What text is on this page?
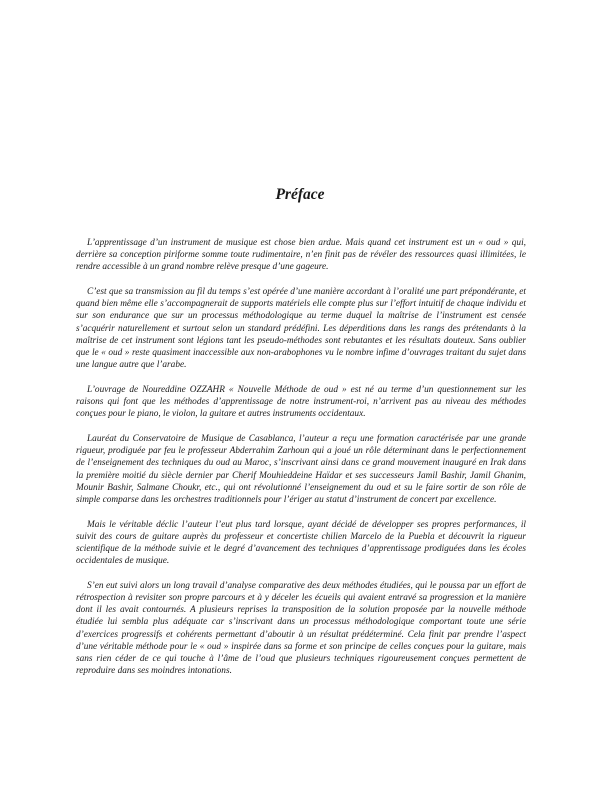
Préface

L’apprentissage d’un instrument de musique est chose bien ardue. Mais quand cet instrument est un « oud » qui, derrière sa conception piriforme somme toute rudimentaire, n’en finit pas de révéler des ressources quasi illimitées, le rendre accessible à un grand nombre relève presque d’une gageure.

C’est que sa transmission au fil du temps s’est opérée d’une manière accordant à l’oralité une part prépondérante, et quand bien même elle s’accompagnerait de supports matériels elle compte plus sur l’effort intuitif de chaque individu et sur son endurance que sur un processus méthodologique au terme duquel la maîtrise de l’instrument est censée s’acquérir naturellement et surtout selon un standard prédéfini. Les déperditions dans les rangs des prétendants à la maîtrise de cet instrument sont légions tant les pseudo-méthodes sont rebutantes et les résultats douteux. Sans oublier que le « oud » reste quasiment inaccessible aux non-arabophones vu le nombre infime d’ouvrages traitant du sujet dans une langue autre que l’arabe.

L’ouvrage de Noureddine OZZAHR « Nouvelle Méthode de oud » est né au terme d’un questionnement sur les raisons qui font que les méthodes d’apprentissage de notre instrument-roi, n’arrivent pas au niveau des méthodes conçues pour le piano, le violon, la guitare et autres instruments occidentaux.

Lauréat du Conservatoire de Musique de Casablanca, l’auteur a reçu une formation caractérisée par une grande rigueur, prodiguée par feu le professeur Abderrahim Zarhoun qui a joué un rôle déterminant dans le perfectionnement de l’enseignement des techniques du oud au Maroc, s’inscrivant ainsi dans ce grand mouvement inauguré en Irak dans la première moitié du siècle dernier par Cherif Mouhieddeine Haïdar et ses successeurs Jamil Bashir, Jamil Ghanim, Mounir Bashir, Salmane Choukr, etc., qui ont révolutionné l’enseignement du oud et su le faire sortir de son rôle de simple comparse dans les orchestres traditionnels pour l’ériger au statut d’instrument de concert par excellence.

Mais le véritable déclic l’auteur l’eut plus tard lorsque, ayant décidé de développer ses propres performances, il suivit des cours de guitare auprès du professeur et concertiste chilien Marcelo de la Puebla et découvrit la rigueur scientifique de la méthode suivie et le degré d’avancement des techniques d’apprentissage prodiguées dans les écoles occidentales de musique.

S’en eut suivi alors un long travail d’analyse comparative des deux méthodes étudiées, qui le poussa par un effort de rétrospection à revisiter son propre parcours et à y déceler les écueils qui avaient entravé sa progression et la manière dont il les avait contournés. A plusieurs reprises la transposition de la solution proposée par la nouvelle méthode étudiée lui sembla plus adéquate car s’inscrivant dans un processus méthodologique comportant toute une série d’exercices progressifs et cohérents permettant d’aboutir à un résultat prédéterminé. Cela finit par prendre l’aspect d’une véritable méthode pour le « oud » inspirée dans sa forme et son principe de celles conçues pour la guitare, mais sans rien céder de ce qui touche à l’âme de l’oud que plusieurs techniques rigoureusement conçues permettent de reproduire dans ses moindres intonations.
